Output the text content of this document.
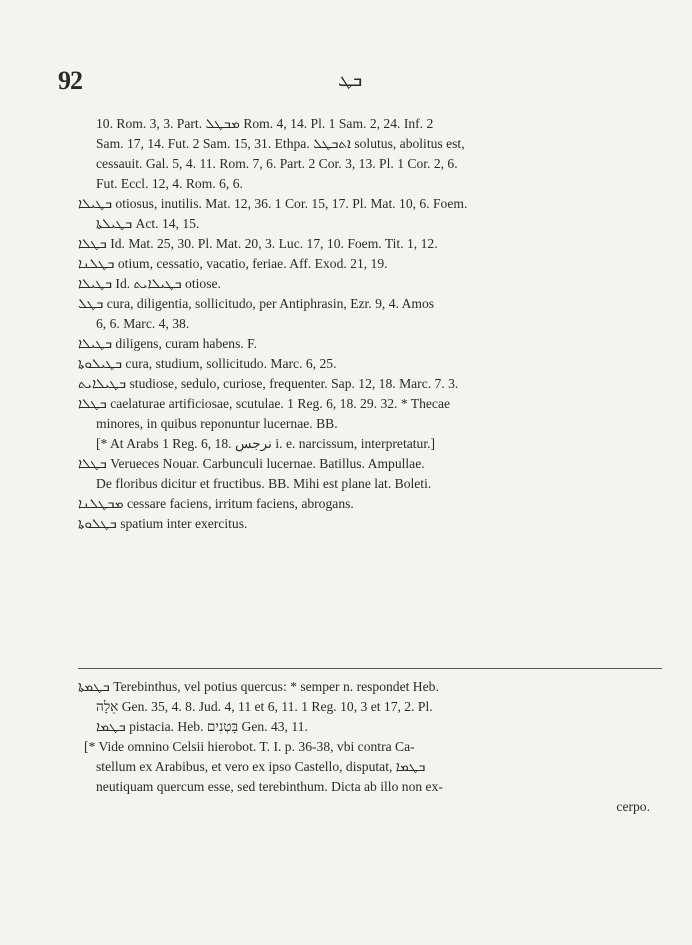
92	ܒܛ
10. Rom. 3, 3. Part. ܡܒܛܠ Rom. 4, 14. Pl. 1 Sam. 2, 24. Inf. 2
Sam. 17, 14. Fut. 2 Sam. 15, 31. Ethpa. ܐܬܒܛܠ solutus, abolitus est,
cessauit. Gal. 5, 4. 11. Rom. 7, 6. Part. 2 Cor. 3, 13. Pl. 1 Cor. 2, 6.
Fut. Eccl. 12, 4. Rom. 6, 6.
ܒܛܝܠܐ otiosus, inutilis. Mat. 12, 36. 1 Cor. 15, 17. Pl. Mat. 10, 6. Foem.
ܒܛܝܠܬܐ Act. 14, 15.
ܒܛܠܐ Id. Mat. 25, 30. Pl. Mat. 20, 3. Luc. 17, 10. Foem. Tit. 1, 12.
ܒܛܠܢܐ otium, cessatio, vacatio, feriae. Aff. Exod. 21, 19.
ܒܛܝܠܐ Id. ܒܛܝܠܐܝܬ otiose.
ܒܛܠ cura, diligentia, sollicitudo, per Antiphrasin, Ezr. 9, 4. Amos
6, 6. Marc. 4, 38.
ܒܛܝܠܐ diligens, curam habens. F.
ܒܛܝܠܘܬܐ cura, studium, sollicitudo. Marc. 6, 25.
ܒܛܝܠܐܝܬ studiose, sedulo, curiose, frequenter. Sap. 12, 18. Marc. 7. 3.
ܒܛܠܐ caelaturae artificiosae, scutulae. 1 Reg. 6, 18. 29. 32. * Thecae
minores, in quibus reponuntur lucernae. BB.
[* At Arabs 1 Reg. 6, 18. نرجس i. e. narcissum, interpretatur.]
ܒܛܠܐ Verueces Nouar. Carbunculi lucernae. Batillus. Ampullae.
De floribus dicitur et fructibus. BB. Mihi est plane lat. Boleti.
ܡܒܛܠܢܐ cessare faciens, irritum faciens, abrogans.
ܒܛܠܘܬܐ spatium inter exercitus.
ܒܛܡܬܐ Terebinthus, vel potius quercus: * semper n. respondet Heb.
אֵלָה Gen. 35, 4. 8. Jud. 4, 11 et 6, 11. 1 Reg. 10, 3 et 17, 2. Pl.
ܒܛܡܐ pistacia. Heb. בָּטְנִים Gen. 43, 11.
[* Vide omnino Celsii hierobot. T. I. p. 36-38, vbi contra Ca-
stellum ex Arabibus, et vero ex ipso Castello, disputat, ܒܛܡܐ
neutiquam quercum esse, sed terebinthum. Dicta ab illo non ex-
cerpo.
